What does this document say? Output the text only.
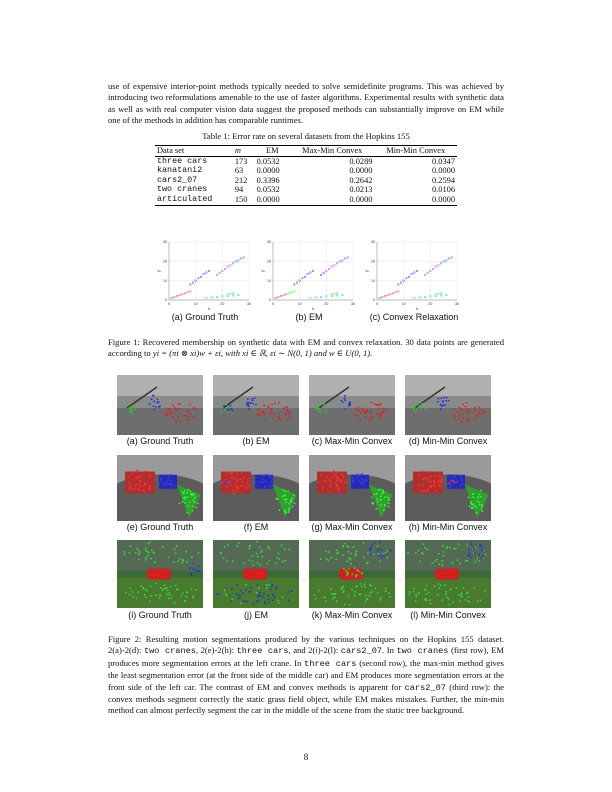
use of expensive interior-point methods typically needed to solve semidefinite programs. This was achieved by introducing two reformulations amenable to the use of faster algorithms. Experimental results with synthetic data as well as with real computer vision data suggest the proposed methods can substantially improve on EM while one of the methods in addition has comparable runtimes.
Table 1: Error rate on several datasets from the Hopkins 155
Data set	m	EM	Max-Min Convex	Min-Min Convex
three cars	173	0.0532	0.0289	0.0347
kanatani2	63	0.0000	0.0000	0.0000
cars2_07	212	0.3396	0.2642	0.2594
two cranes	94	0.0532	0.0213	0.0106
articulated	150	0.0000	0.0000	0.0000
0	10	20	30
0
10
20
30
x
y
0	10	20	30
0
10
20
30
x
y
0	10	20	30
0
10
20
30
x
y
(a) Ground Truth	(b) EM	(c) Convex Relaxation
Figure 1: Recovered membership on synthetic data with EM and convex relaxation. 30 data points are generated according to yi = (πi ⊗ xi)w + εi, with xi ∈ ℝ, εi ∼ N(0, 1) and w ∈ U(0, 1).
(a) Ground Truth	(b) EM	(c) Max-Min Convex	(d) Min-Min Convex
(e) Ground Truth	(f) EM	(g) Max-Min Convex	(h) Min-Min Convex
(i) Ground Truth	(j) EM	(k) Max-Min Convex	(l) Min-Min Convex
Figure 2: Resulting motion segmentations produced by the various techniques on the Hopkins 155 dataset. 2(a)-2(d): two cranes, 2(e)-2(h): three cars, and 2(i)-2(l): cars2_07. In two cranes (first row), EM produces more segmentation errors at the left crane. In three cars (second row), the max-min method gives the least segmentation error (at the front side of the middle car) and EM produces more segmentation errors at the front side of the left car. The contrast of EM and convex methods is apparent for cars2_07 (third row): the convex methods segment correctly the static grass field object, while EM makes mistakes. Further, the min-min method can almost perfectly segment the car in the middle of the scene from the static tree background.
8
